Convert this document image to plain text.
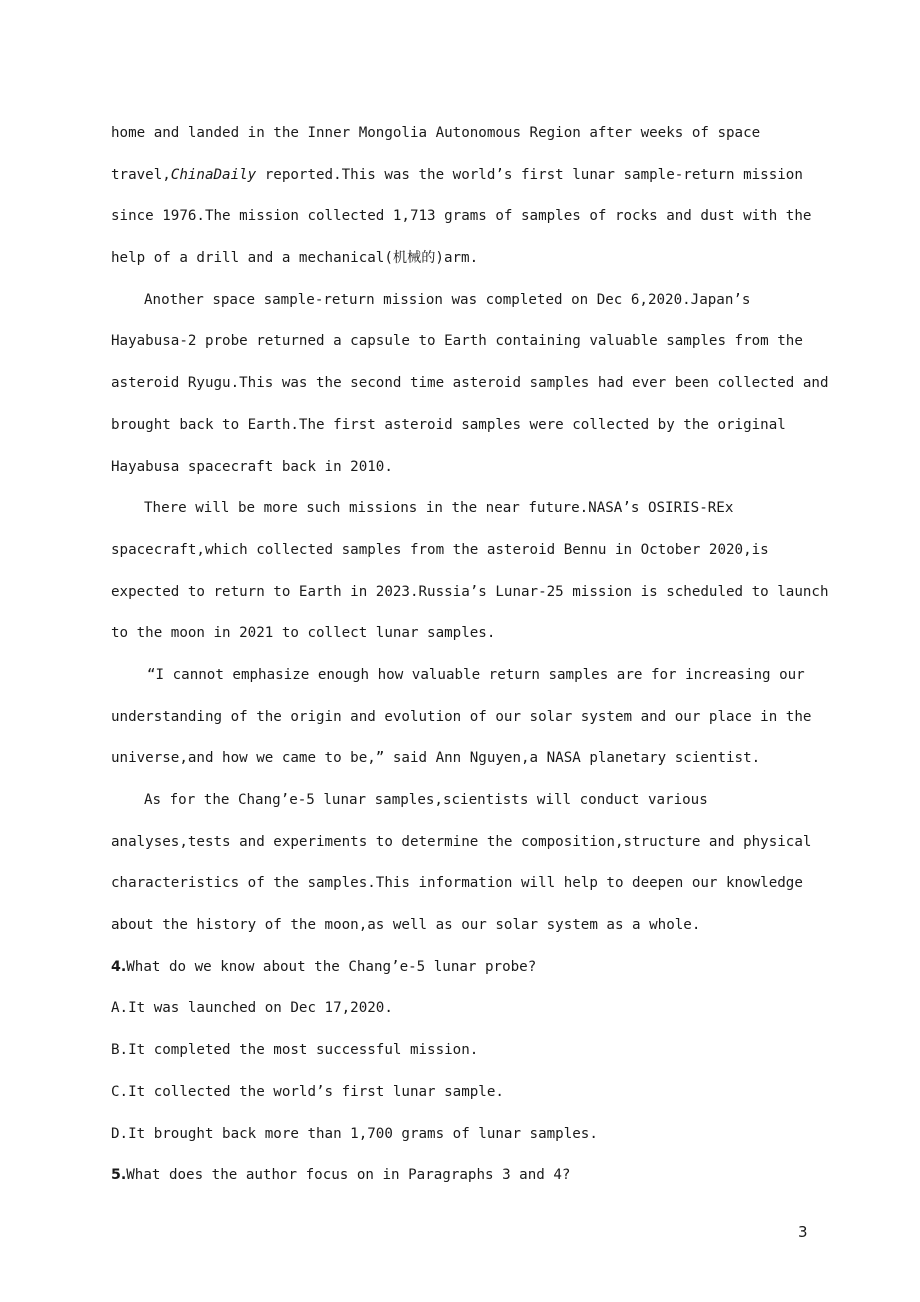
home and landed in the Inner Mongolia Autonomous Region after weeks of space
travel,ChinaDaily reported.This was the world’s first lunar sample-return mission
since 1976.The mission collected 1,713 grams of samples of rocks and dust with the
help of a drill and a mechanical(机械的)arm.
Another space sample-return mission was completed on Dec 6,2020.Japan’s
Hayabusa-2 probe returned a capsule to Earth containing valuable samples from the
asteroid Ryugu.This was the second time asteroid samples had ever been collected and
brought back to Earth.The first asteroid samples were collected by the original
Hayabusa spacecraft back in 2010.
There will be more such missions in the near future.NASA’s OSIRIS-REx
spacecraft,which collected samples from the asteroid Bennu in October 2020,is
expected to return to Earth in 2023.Russia’s Lunar-25 mission is scheduled to launch
to the moon in 2021 to collect lunar samples.
“I cannot emphasize enough how valuable return samples are for increasing our
understanding of the origin and evolution of our solar system and our place in the
universe,and how we came to be,” said Ann Nguyen,a NASA planetary scientist.
As for the Chang’e-5 lunar samples,scientists will conduct various
analyses,tests and experiments to determine the composition,structure and physical
characteristics of the samples.This information will help to deepen our knowledge
about the history of the moon,as well as our solar system as a whole.
4.What do we know about the Chang’e-5 lunar probe?
A.It was launched on Dec 17,2020.
B.It completed the most successful mission.
C.It collected the world’s first lunar sample.
D.It brought back more than 1,700 grams of lunar samples.
5.What does the author focus on in Paragraphs 3 and 4?
3
